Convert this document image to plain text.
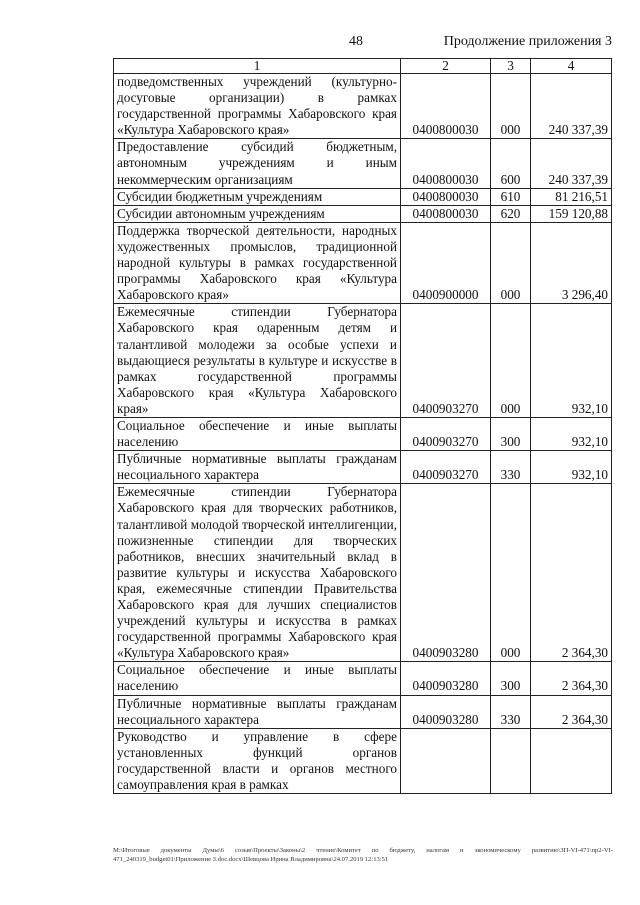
48	Продолжение приложения 3
1	2	3	4
подведомственных учреждений (культурно-досуговые организации) в рамках государственной программы Хабаровского края «Культура Хабаровского края»	0400800030	000	240 337,39
Предоставление субсидий бюджетным, автономным учреждениям и иным некоммерческим организациям	0400800030	600	240 337,39
Субсидии бюджетным учреждениям	0400800030	610	81 216,51
Субсидии автономным учреждениям	0400800030	620	159 120,88
Поддержка творческой деятельности, народных художественных промыслов, традиционной народной культуры в рамках государственной программы Хабаровского края «Культура Хабаровского края»	0400900000	000	3 296,40
Ежемесячные стипендии Губернатора Хабаровского края одаренным детям и талантливой молодежи за особые успехи и выдающиеся результаты в культуре и искусстве в рамках государственной программы Хабаровского края «Культура Хабаровского края»	0400903270	000	932,10
Социальное обеспечение и иные выплаты населению	0400903270	300	932,10
Публичные нормативные выплаты гражданам несоциального характера	0400903270	330	932,10
Ежемесячные стипендии Губернатора Хабаровского края для творческих работников, талантливой молодой творческой интеллигенции, пожизненные стипендии для творческих работников, внесших значительный вклад в развитие культуры и искусства Хабаровского края, ежемесячные стипендии Правительства Хабаровского края для лучших специалистов учреждений культуры и искусства в рамках государственной программы Хабаровского края «Культура Хабаровского края»	0400903280	000	2 364,30
Социальное обеспечение и иные выплаты населению	0400903280	300	2 364,30
Публичные нормативные выплаты гражданам несоциального характера	0400903280	330	2 364,30
Руководство и управление в сфере установленных функций органов государственной власти и органов местного самоуправления края в рамках			
M:\Итоговые документы Думы\6 созыв\Проекты\Законы\2 чтение\Комитет по бюджету, налогам и экономическому развитию\ЗП-VI-471\пр2-VI-471_240319_budget01\Приложение 3.doc.docx\Шевцова Ирина Владимировна\24.07.2019 12:13:51
